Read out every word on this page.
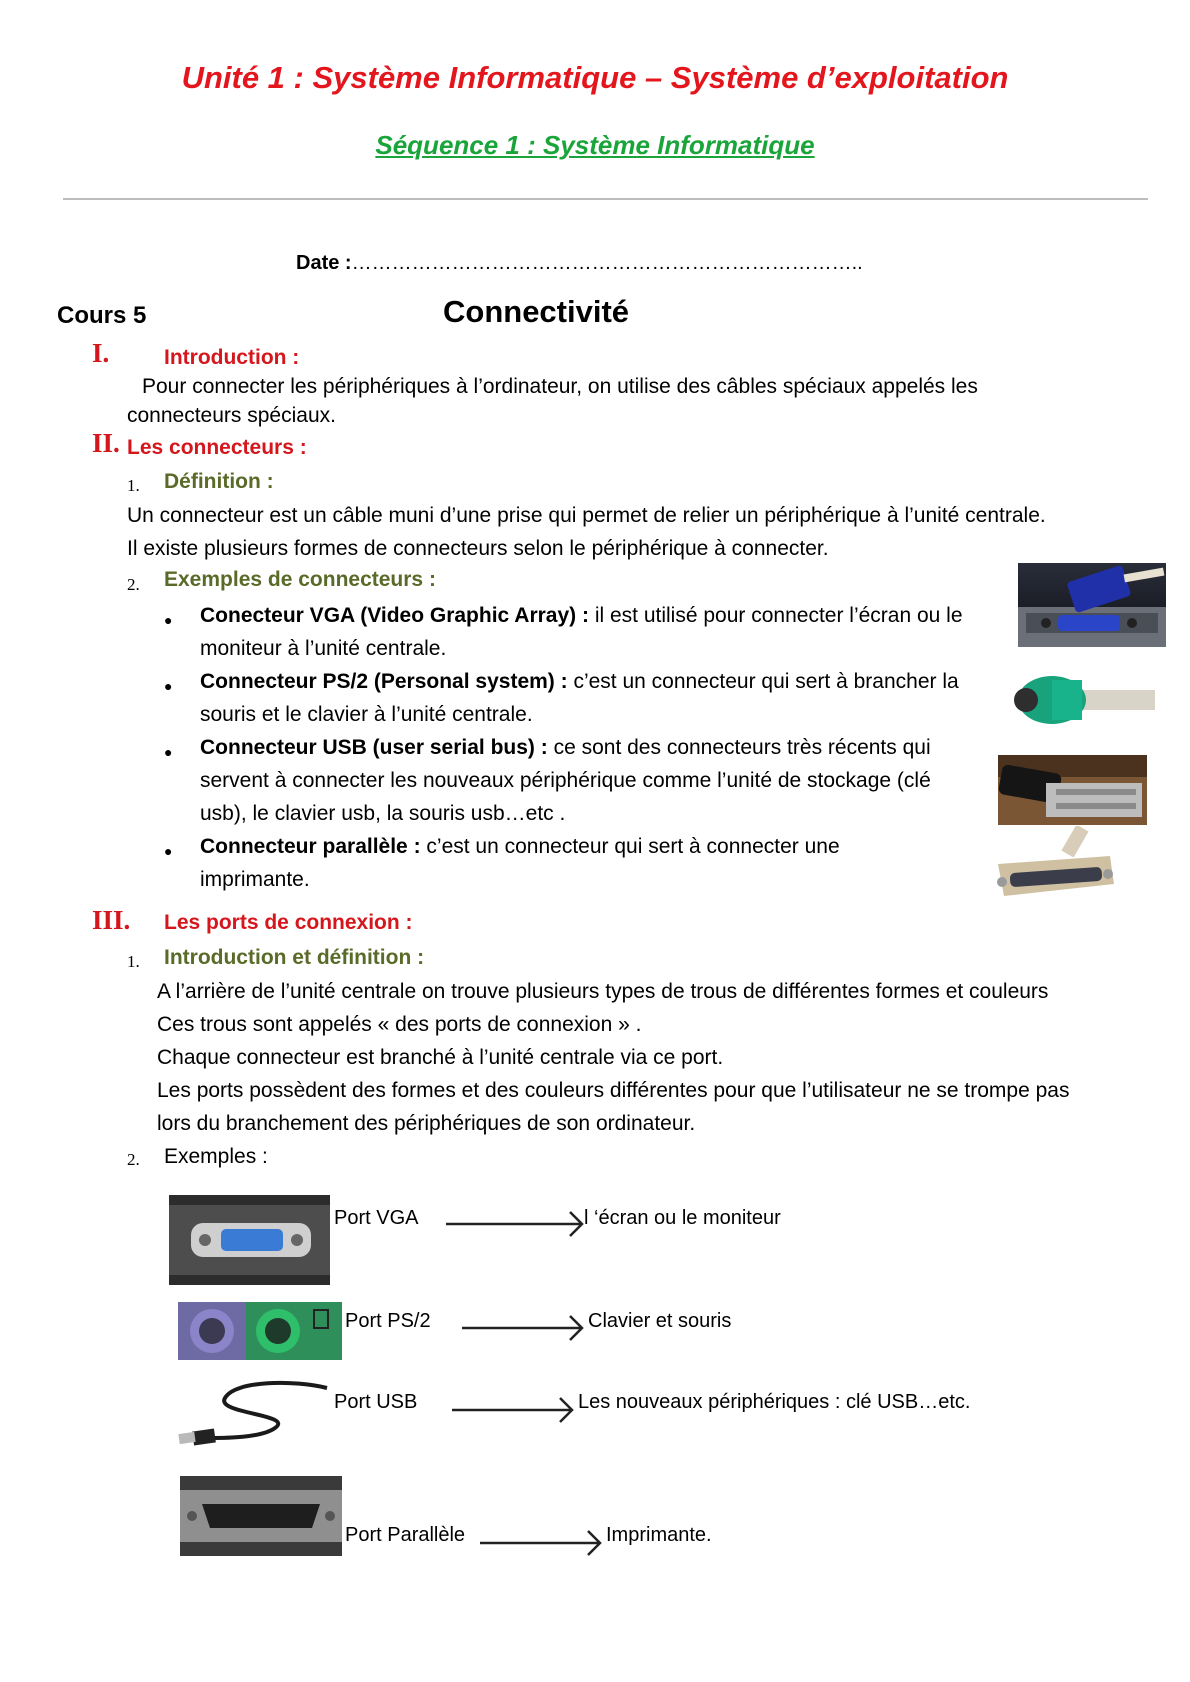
Unité 1 : Système Informatique – Système d’exploitation
Séquence 1 : Système Informatique
Date :…………………………………………………………………..
Cours 5	Connectivité
I.	Introduction :
Pour connecter les périphériques à l’ordinateur, on utilise des câbles spéciaux appelés les
connecteurs spéciaux.
II. Les connecteurs :
1. Définition :
Un connecteur est un câble muni d’une prise qui permet de relier un périphérique à l’unité centrale.
Il existe plusieurs formes de connecteurs selon le périphérique à connecter.
2. Exemples de connecteurs :
● Conecteur VGA (Video Graphic Array) : il est utilisé pour connecter l’écran ou le
moniteur à l’unité centrale.
● Connecteur PS/2 (Personal system) : c’est un connecteur qui sert à brancher la
souris et le clavier à l’unité centrale.
● Connecteur USB (user serial bus) : ce sont des connecteurs très récents qui
servent à connecter les nouveaux périphérique comme l’unité de stockage (clé
usb), le clavier usb, la souris usb…etc .
● Connecteur parallèle : c’est un connecteur qui sert à connecter une
imprimante.
III. Les ports de connexion :
1. Introduction et définition :
A l’arrière de l’unité centrale on trouve plusieurs types de trous de différentes formes et couleurs
Ces trous sont appelés « des ports de connexion » .
Chaque connecteur est branché à l’unité centrale via ce port.
Les ports possèdent des formes et des couleurs différentes pour que l’utilisateur ne se trompe pas
lors du branchement des périphériques de son ordinateur.
2. Exemples :
Port VGA	l ‘écran ou le moniteur
Port PS/2	Clavier et souris
Port USB	Les nouveaux périphériques : clé USB…etc.
Port Parallèle	Imprimante.
